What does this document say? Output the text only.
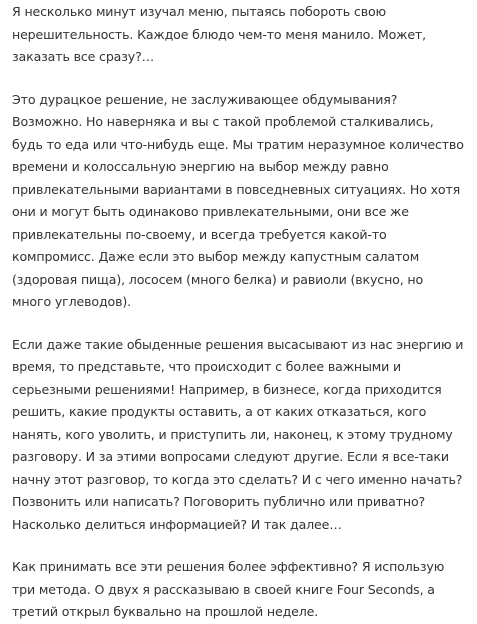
Я несколько минут изучал меню, пытаясь побороть свою нерешительность. Каждое блюдо чем-то меня манило. Может, заказать все сразу?…

Это дурацкое решение, не заслуживающее обдумывания? Возможно. Но наверняка и вы с такой проблемой сталкивались, будь то еда или что-нибудь еще. Мы тратим неразумное количество времени и колоссальную энергию на выбор между равно привлекательными вариантами в повседневных ситуациях. Но хотя они и могут быть одинаково привлекательными, они все же привлекательны по-своему, и всегда требуется какой-то компромисс. Даже если это выбор между капустным салатом (здоровая пища), лососем (много белка) и равиоли (вкусно, но много углеводов).

Если даже такие обыденные решения высасывают из нас энергию и время, то представьте, что происходит с более важными и серьезными решениями! Например, в бизнесе, когда приходится решить, какие продукты оставить, а от каких отказаться, кого нанять, кого уволить, и приступить ли, наконец, к этому трудному разговору. И за этими вопросами следуют другие. Если я все-таки начну этот разговор, то когда это сделать? И с чего именно начать? Позвонить или написать? Поговорить публично или приватно? Насколько делиться информацией? И так далее…

Как принимать все эти решения более эффективно? Я использую три метода. О двух я рассказываю в своей книге Four Seconds, а третий открыл буквально на прошлой неделе.
